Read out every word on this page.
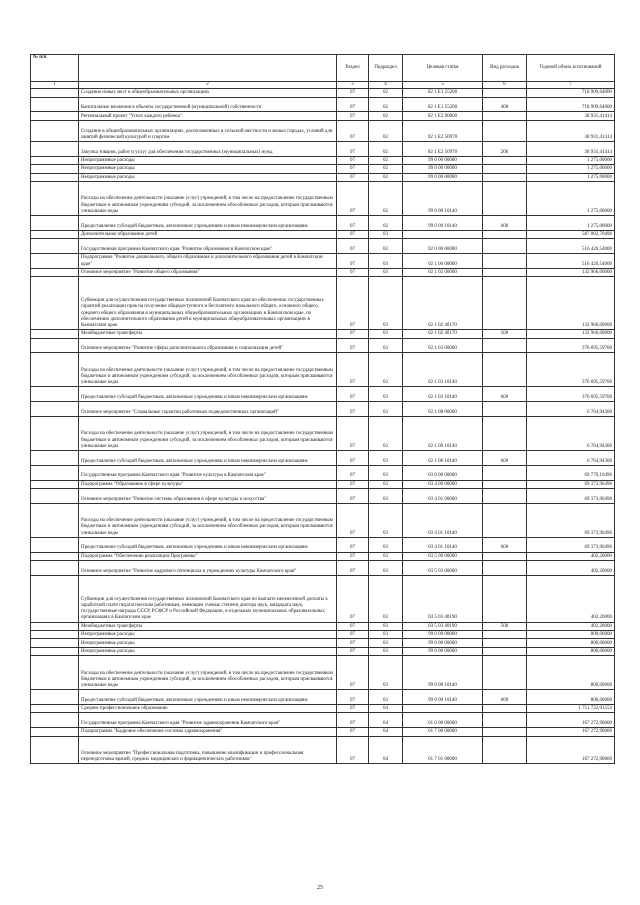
№ п/п		Раздел	Подраздел	Целевая статья	Вид расходов	Годовой объем ассигнований
1	2	3	4	5	6	7
	Создание новых мест в общеобразовательных организациях	07	02	02 1 Е1 55200		718 909,64000
	Капитальные вложения в объекты государственной (муниципальной) собственности	07	02	02 1 Е1 55200	400	718 909,64000
	Региональный проект "Успех каждого ребенка"	07	02	02 1 Е2 00000		38 931,41414
	Создание в общеобразовательных организациях, расположенных в сельской местности и малых городах, условий для занятий физической культурой и спортом	07	02	02 1 Е2 50970		38 931,41414
	Закупка товаров, работ и услуг для обеспечения государственных (муниципальных) нужд	07	02	02 1 Е2 50970	200	38 931,41414
	Непрограммные расходы	07	02	99 0 00 00000		1 275,00000
	Непрограммные расходы	07	02	99 0 00 00000		1 275,00000
	Непрограммные расходы	07	02	99 0 00 00000		1 275,00000
	Расходы на обеспечение деятельности (оказание услуг) учреждений, в том числе на предоставление государственным бюджетным и автономным учреждениям субсидий, за исключением обособленных расходов, которым присваиваются уникальные коды	07	02	99 0 00 10140		1 275,00000
	Предоставление субсидий бюджетным, автономным учреждениям и иным некоммерческим организациям	07	02	99 0 00 10140	600	1 275,00000
	Дополнительное образование детей	07	03			587 002,70496
	Государственная программа Камчатского края "Развитие образования в Камчатском крае"	07	03	02 0 00 00000		516 426,54000
	Подпрограмма "Развитие дошкольного, общего образования и дополнительного образования детей в Камчатском крае"	07	03	02 1 00 00000		516 426,54000
	Основное мероприятие "Развитие общего образования"	07	03	02 1 02 00000		132 966,00000
	Субвенции для осуществления государственных полномочий Камчатского края по обеспечению государственных гарантий реализации прав на получение общедоступного и бесплатного начального общего, основного общего, среднего общего образования в муниципальных общеобразовательных организациях в Камчатском крае, по обеспечению дополнительного образования детей в муниципальных общеобразовательных организациях в Камчатском крае	07	03	02 1 02 40170		132 966,00000
	Межбюджетные трансферты	07	03	02 1 02 40170	500	132 966,00000
	Основное мероприятие "Развитие сферы дополнительного образования и социализация детей"	07	03	02 1 03 00000		376 695,59700
	Расходы на обеспечение деятельности (оказание услуг) учреждений, в том числе на предоставление государственным бюджетным и автономным учреждениям субсидий, за исключением обособленных расходов, которым присваиваются уникальные коды	07	03	02 1 03 10140		376 695,59700
	Предоставление субсидий бюджетным, автономным учреждениям и иным некоммерческим организациям	07	03	02 1 03 10140	600	376 695,59700
	Основное мероприятие "Социальные гарантии работникам подведомственных организаций"	07	03	02 1 08 00000		6 764,94300
	Расходы на обеспечение деятельности (оказание услуг) учреждений, в том числе на предоставление государственным бюджетным и автономным учреждениям субсидий, за исключением обособленных расходов, которым присваиваются уникальные коды	07	03	02 1 08 10140		6 764,94300
	Предоставление субсидий бюджетным, автономным учреждениям и иным некоммерческим организациям	07	03	02 1 08 10140	600	6 764,94300
	Государственная программа Камчатского края "Развитие культуры в Камчатском крае"	07	03	03 0 00 00000		69 776,16496
	Подпрограмма "Образование в сфере культуры"	07	03	03 4 00 00000		69 373,96496
	Основное мероприятие "Развитие системы образования в сфере культуры и искусства"	07	03	03 4 01 00000		69 373,96496
	Расходы на обеспечение деятельности (оказание услуг) учреждений, в том числе на предоставление государственным бюджетным и автономным учреждениям субсидий, за исключением обособленных расходов, которым присваиваются уникальные коды	07	03	03 4 01 10140		69 373,96496
	Предоставление субсидий бюджетным, автономным учреждениям и иным некоммерческим организациям	07	03	03 4 01 10140	600	69 373,96496
	Подпрограмма "Обеспечение реализации Программы"	07	03	03 5 00 00000		402,20000
	Основное мероприятие "Развитие кадрового потенциала в учреждениях культуры Камчатского края"	07	03	03 5 03 00000		402,20000
	Субвенции для осуществления государственных полномочий Камчатского края по выплате ежемесячной доплаты к заработной плате педагогическим работникам, имеющим ученые степени доктора наук, кандидата наук, государственные награды СССР, РСФСР и Российской Федерации, в отдельных муниципальных образовательных организациях в Камчатском крае	07	03	03 5 03 40190		402,20000
	Межбюджетные трансферты	07	03	03 5 03 40190	500	402,20000
	Непрограммные расходы	07	03	99 0 00 00000		800,00000
	Непрограммные расходы	07	03	99 0 00 00000		800,00000
	Непрограммные расходы	07	03	99 0 00 00000		800,00000
	Расходы на обеспечение деятельности (оказание услуг) учреждений, в том числе на предоставление государственным бюджетным и автономным учреждениям субсидий, за исключением обособленных расходов, которым присваиваются уникальные коды	07	03	99 0 00 10140		800,00000
	Предоставление субсидий бюджетным, автономным учреждениям и иным некоммерческим организациям	07	03	99 0 00 10140	600	800,00000
	Среднее профессиональное образование	07	04			1 711 722,01553
	Государственная программа Камчатского края "Развитие здравоохранения Камчатского края"	07	04	01 0 00 00000		167 272,90000
	Подпрограмма "Кадровое обеспечение системы здравоохранения"	07	04	01 7 00 00000		167 272,90000
	Основное мероприятие "Профессиональная подготовка, повышение квалификации и профессиональная переподготовка врачей, средних медицинских и фармацевтических работников"	07	04	01 7 01 00000		167 272,90000
25
